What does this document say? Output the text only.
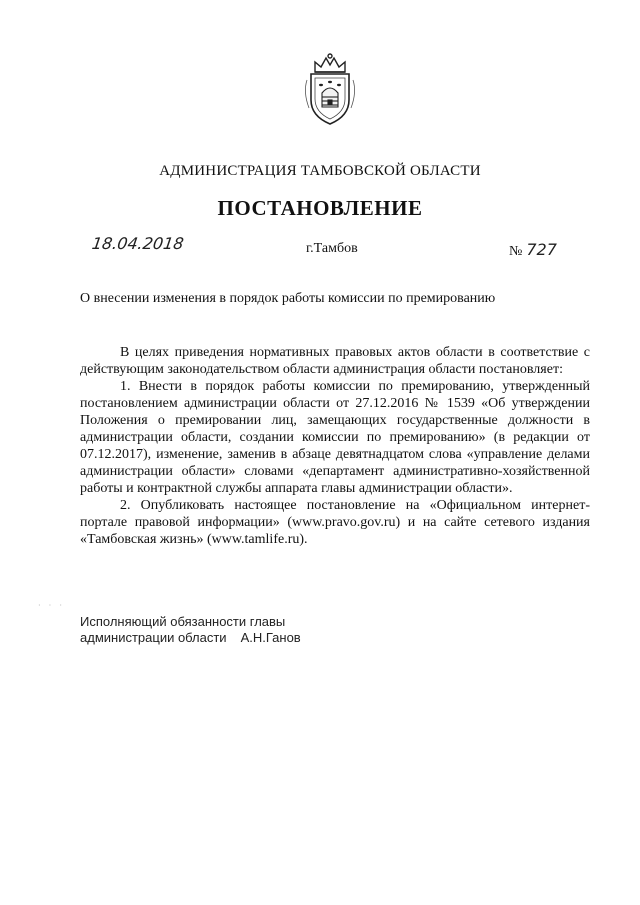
АДМИНИСТРАЦИЯ ТАМБОВСКОЙ ОБЛАСТИ
ПОСТАНОВЛЕНИЕ
18.04.2018	г.Тамбов	№ 727
О внесении изменения в порядок работы комиссии по премированию

В целях приведения нормативных правовых актов области в соответствие с действующим законодательством области администрация области постановляет:

1. Внести в порядок работы комиссии по премированию, утвержденный постановлением администрации области от 27.12.2016 № 1539 «Об утверждении Положения о премировании лиц, замещающих государственные должности в администрации области, создании комиссии по премированию» (в редакции от 07.12.2017), изменение, заменив в абзаце девятнадцатом слова «управление делами администрации области» словами «департамент административно-хозяйственной работы и контрактной службы аппарата главы администрации области».

2. Опубликовать настоящее постановление на «Официальном интернет-портале правовой информации» (www.pravo.gov.ru) и на сайте сетевого издания «Тамбовская жизнь» (www.tamlife.ru).

· · ·
Исполняющий обязанности главы
администрации области А.Н.Ганов
